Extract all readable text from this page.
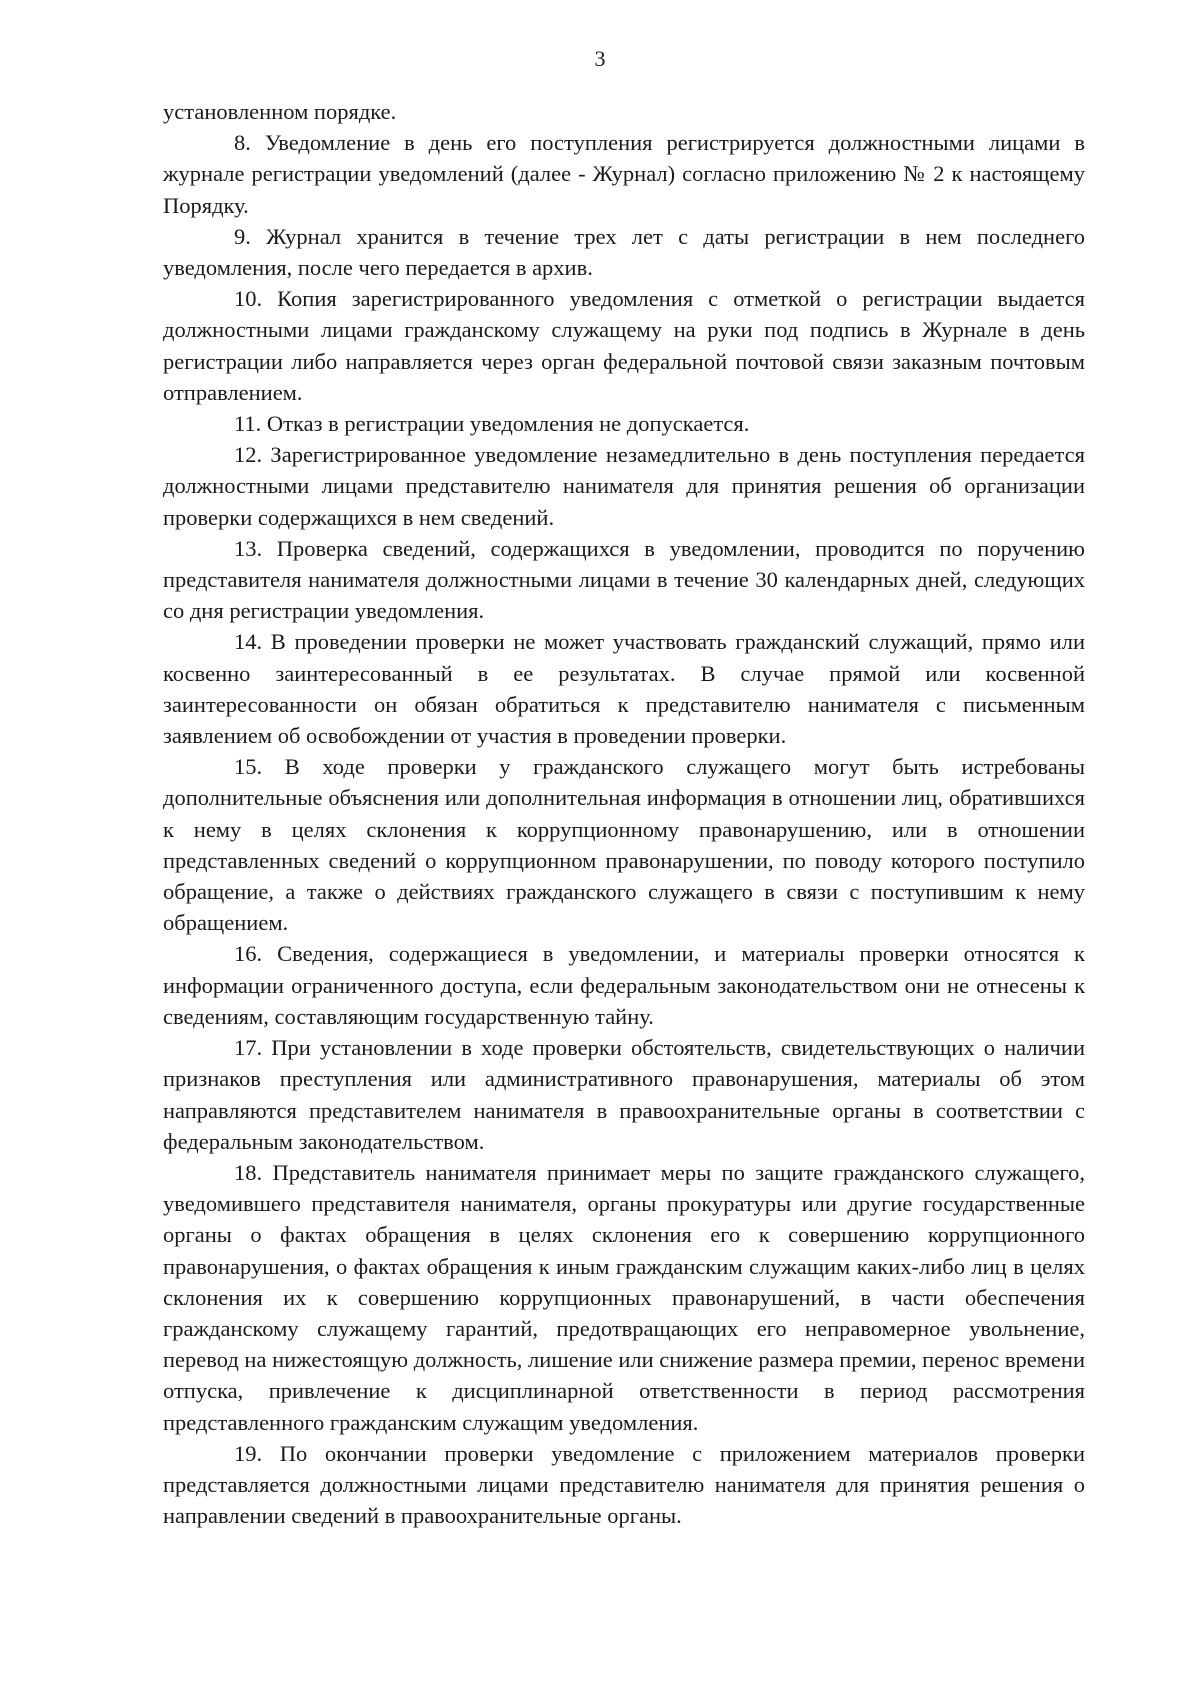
3

установленном порядке.

8. Уведомление в день его поступления регистрируется должностными лицами в журнале регистрации уведомлений (далее - Журнал) согласно приложению № 2 к настоящему Порядку.

9. Журнал хранится в течение трех лет с даты регистрации в нем последнего уведомления, после чего передается в архив.

10. Копия зарегистрированного уведомления с отметкой о регистрации выдается должностными лицами гражданскому служащему на руки под подпись в Журнале в день регистрации либо направляется через орган федеральной почтовой связи заказным почтовым отправлением.

11. Отказ в регистрации уведомления не допускается.

12. Зарегистрированное уведомление незамедлительно в день поступления передается должностными лицами представителю нанимателя для принятия решения об организации проверки содержащихся в нем сведений.

13. Проверка сведений, содержащихся в уведомлении, проводится по поручению представителя нанимателя должностными лицами в течение 30 календарных дней, следующих со дня регистрации уведомления.

14. В проведении проверки не может участвовать гражданский служащий, прямо или косвенно заинтересованный в ее результатах. В случае прямой или косвенной заинтересованности он обязан обратиться к представителю нанимателя с письменным заявлением об освобождении от участия в проведении проверки.

15. В ходе проверки у гражданского служащего могут быть истребованы дополнительные объяснения или дополнительная информация в отношении лиц, обратившихся к нему в целях склонения к коррупционному правонарушению, или в отношении представленных сведений о коррупционном правонарушении, по поводу которого поступило обращение, а также о действиях гражданского служащего в связи с поступившим к нему обращением.

16. Сведения, содержащиеся в уведомлении, и материалы проверки относятся к информации ограниченного доступа, если федеральным законодательством они не отнесены к сведениям, составляющим государственную тайну.

17. При установлении в ходе проверки обстоятельств, свидетельствующих о наличии признаков преступления или административного правонарушения, материалы об этом направляются представителем нанимателя в правоохранительные органы в соответствии с федеральным законодательством.

18. Представитель нанимателя принимает меры по защите гражданского служащего, уведомившего представителя нанимателя, органы прокуратуры или другие государственные органы о фактах обращения в целях склонения его к совершению коррупционного правонарушения, о фактах обращения к иным гражданским служащим каких-либо лиц в целях склонения их к совершению коррупционных правонарушений, в части обеспечения гражданскому служащему гарантий, предотвращающих его неправомерное увольнение, перевод на нижестоящую должность, лишение или снижение размера премии, перенос времени отпуска, привлечение к дисциплинарной ответственности в период рассмотрения представленного гражданским служащим уведомления.

19. По окончании проверки уведомление с приложением материалов проверки представляется должностными лицами представителю нанимателя для принятия решения о направлении сведений в правоохранительные органы.
